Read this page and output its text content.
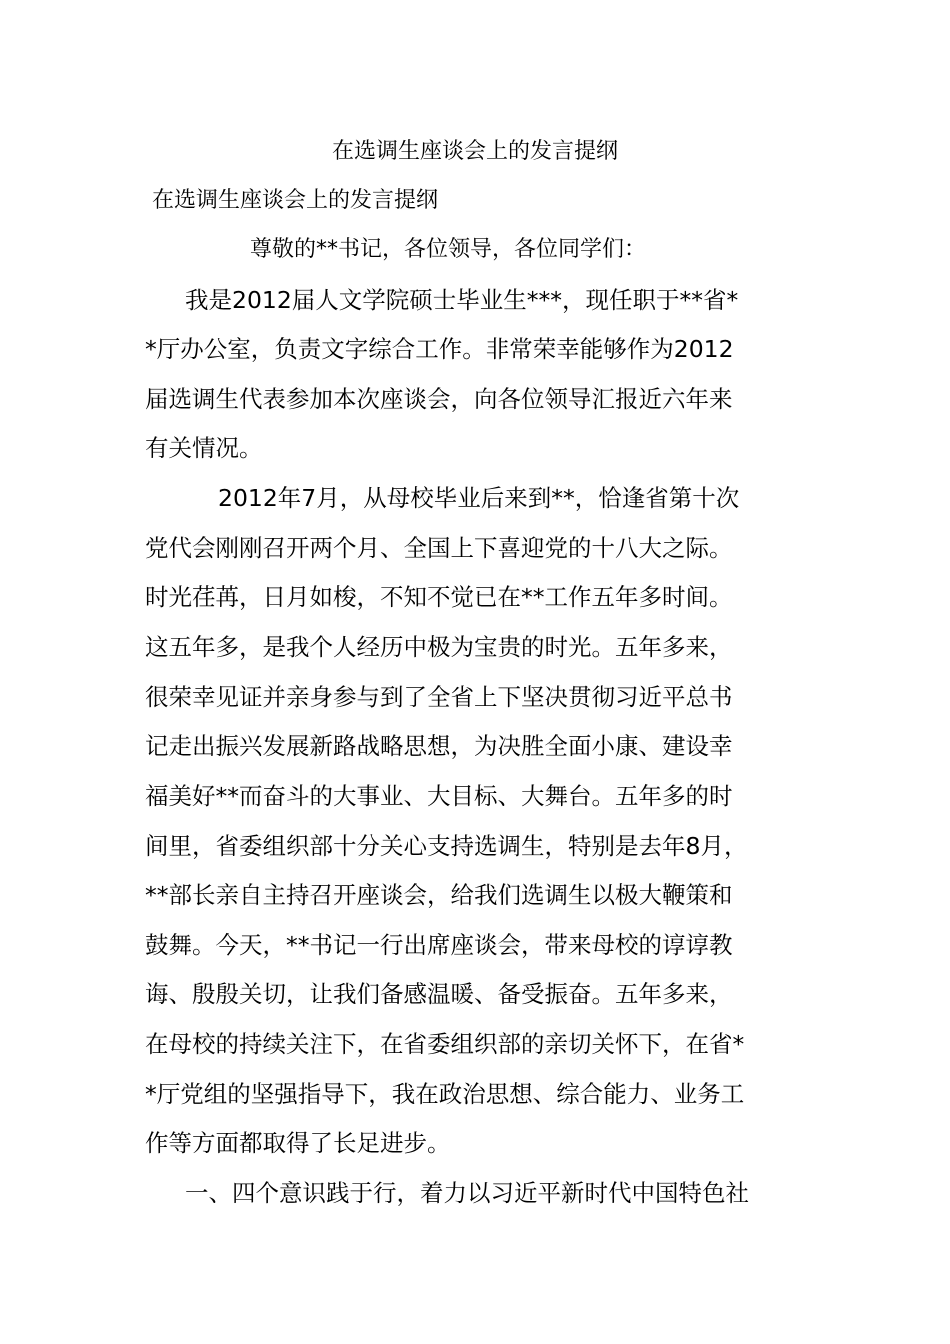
在选调生座谈会上的发言提纲
在选调生座谈会上的发言提纲
尊敬的**书记，各位领导，各位同学们：
我是2012届人文学院硕士毕业生***，现任职于**省*
*厅办公室，负责文字综合工作。非常荣幸能够作为2012
届选调生代表参加本次座谈会，向各位领导汇报近六年来
有关情况。
2012年7月，从母校毕业后来到**，恰逢省第十次
党代会刚刚召开两个月、全国上下喜迎党的十八大之际。
时光荏苒，日月如梭，不知不觉已在**工作五年多时间。
这五年多，是我个人经历中极为宝贵的时光。五年多来，
很荣幸见证并亲身参与到了全省上下坚决贯彻习近平总书
记走出振兴发展新路战略思想，为决胜全面小康、建设幸
福美好**而奋斗的大事业、大目标、大舞台。五年多的时
间里，省委组织部十分关心支持选调生，特别是去年8月，
**部长亲自主持召开座谈会，给我们选调生以极大鞭策和
鼓舞。今天，**书记一行出席座谈会，带来母校的谆谆教
诲、殷殷关切，让我们备感温暖、备受振奋。五年多来，
在母校的持续关注下，在省委组织部的亲切关怀下，在省*
*厅党组的坚强指导下，我在政治思想、综合能力、业务工
作等方面都取得了长足进步。
一、四个意识践于行，着力以习近平新时代中国特色社
